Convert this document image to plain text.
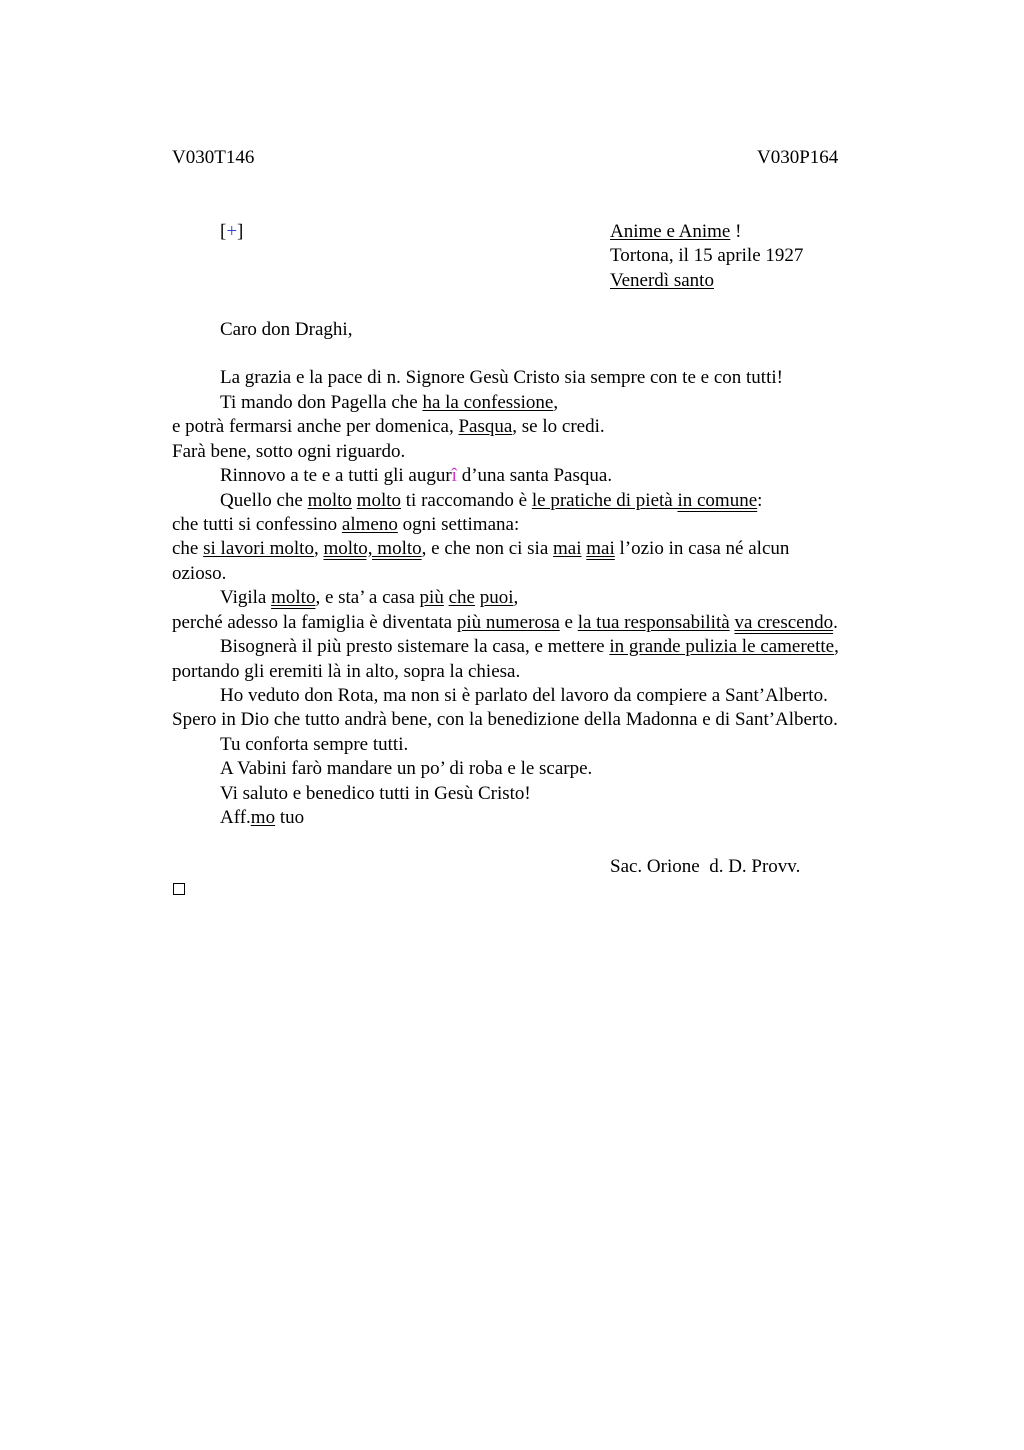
V030T146	V030P164
[+]	Anime e Anime !
Tortona, il 15 aprile 1927
Venerdì santo
Caro don Draghi,
La grazia e la pace di n. Signore Gesù Cristo sia sempre con te e con tutti!
Ti mando don Pagella che ha la confessione,
e potrà fermarsi anche per domenica, Pasqua, se lo credi.
Farà bene, sotto ogni riguardo.
Rinnovo a te e a tutti gli augurî d’una santa Pasqua.
Quello che molto molto ti raccomando è le pratiche di pietà in comune:
che tutti si confessino almeno ogni settimana:
che si lavori molto, molto, molto, e che non ci sia mai mai l’ozio in casa né alcun
ozioso.
Vigila molto, e sta’ a casa più che puoi,
perché adesso la famiglia è diventata più numerosa e la tua responsabilità va crescendo.
Bisognerà il più presto sistemare la casa, e mettere in grande pulizia le camerette,
portando gli eremiti là in alto, sopra la chiesa.
Ho veduto don Rota, ma non si è parlato del lavoro da compiere a Sant’Alberto.
Spero in Dio che tutto andrà bene, con la benedizione della Madonna e di Sant’Alberto.
Tu conforta sempre tutti.
A Vabini farò mandare un po’ di roba e le scarpe.
Vi saluto e benedico tutti in Gesù Cristo!
Aff.mo tuo
Sac. Orione  d. D. Provv.
